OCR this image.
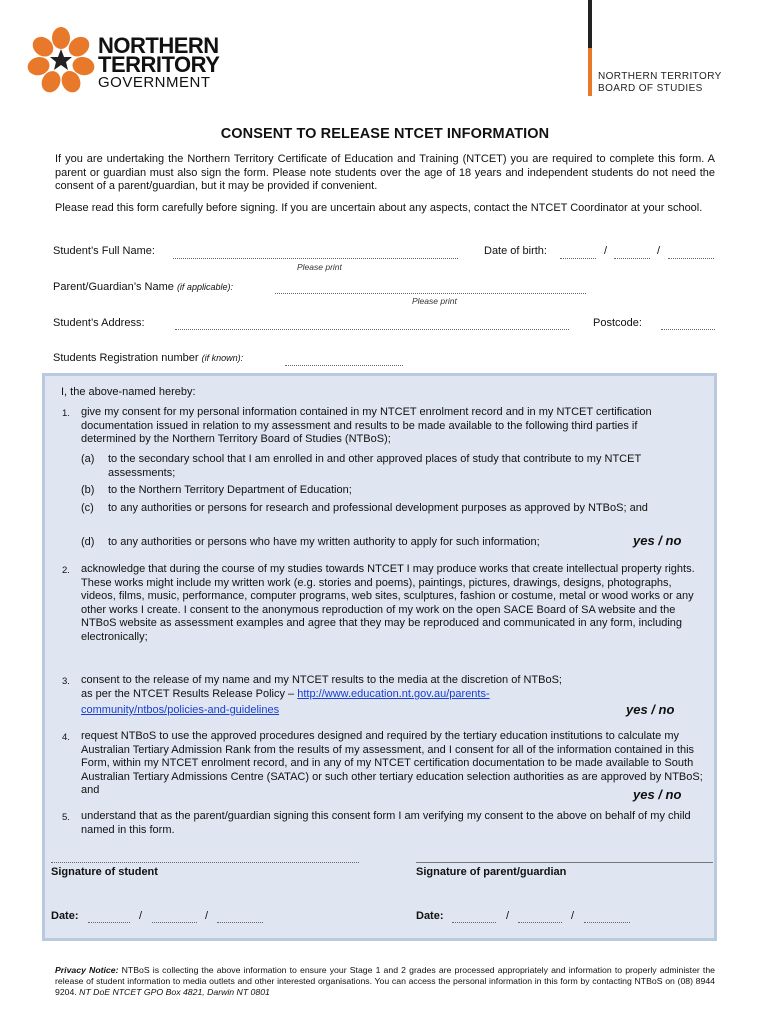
NORTHERN
TERRITORY
GOVERNMENT	NORTHERN TERRITORY
BOARD OF STUDIES
CONSENT TO RELEASE NTCET INFORMATION
If you are undertaking the Northern Territory Certificate of Education and Training (NTCET) you are required to complete this form. A parent or guardian must also sign the form. Please note students over the age of 18 years and independent students do not need the consent of a parent/guardian, but it may be provided if convenient.
Please read this form carefully before signing. If you are uncertain about any aspects, contact the NTCET Coordinator at your school.
Student’s Full Name:
Please print
Date of birth:	/	/
Parent/Guardian’s Name (if applicable):
Please print
Student’s Address:	Postcode:
Students Registration number (if known):
I, the above-named hereby:
1. give my consent for my personal information contained in my NTCET enrolment record and in my NTCET certification documentation issued in relation to my assessment and results to be made available to the following third parties if determined by the Northern Territory Board of Studies (NTBoS);
(a) to the secondary school that I am enrolled in and other approved places of study that contribute to my NTCET assessments;
(b) to the Northern Territory Department of Education;
(c) to any authorities or persons for research and professional development purposes as approved by NTBoS; and
(d) to any authorities or persons who have my written authority to apply for such information;	yes / no
2. acknowledge that during the course of my studies towards NTCET I may produce works that create intellectual property rights. These works might include my written work (e.g. stories and poems), paintings, pictures, drawings, designs, photographs, videos, films, music, performance, computer programs, web sites, sculptures, fashion or costume, metal or wood works or any other works I create. I consent to the anonymous reproduction of my work on the open SACE Board of SA website and the NTBoS website as assessment examples and agree that they may be reproduced and communicated in any form, including electronically;
3. consent to the release of my name and my NTCET results to the media at the discretion of NTBoS;
as per the NTCET Results Release Policy – http://www.education.nt.gov.au/parents-
community/ntbos/policies-and-guidelines	yes / no
4. request NTBoS to use the approved procedures designed and required by the tertiary education institutions to calculate my Australian Tertiary Admission Rank from the results of my assessment, and I consent for all of the information contained in this Form, within my NTCET enrolment record, and in any of my NTCET certification documentation to be made available to South Australian Tertiary Admissions Centre (SATAC) or such other tertiary education selection authorities as are approved by NTBoS; and	yes / no
5. understand that as the parent/guardian signing this consent form I am verifying my consent to the above on behalf of my child named in this form.
Signature of student	Signature of parent/guardian
Date:	/	/	Date:	/	/
Privacy Notice: NTBoS is collecting the above information to ensure your Stage 1 and 2 grades are processed appropriately and information to properly administer the release of student information to media outlets and other interested organisations. You can access the personal information in this form by contacting NTBoS on (08) 8944 9204. NT DoE NTCET GPO Box 4821, Darwin NT 0801
